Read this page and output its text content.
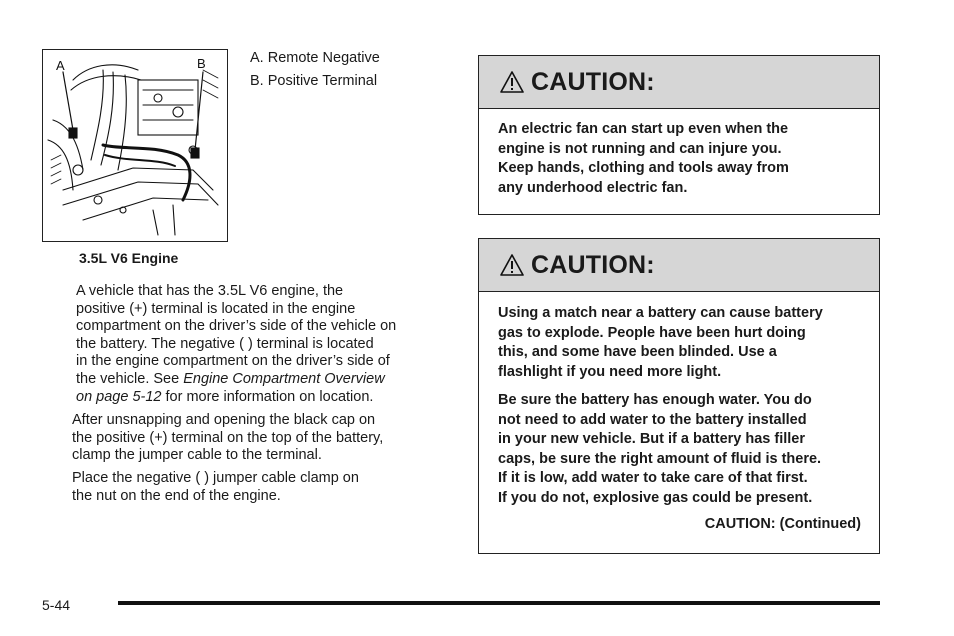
A	B	A. Remote Negative
B. Positive Terminal
3.5L V6 Engine
A vehicle that has the 3.5L V6 engine, the
positive (+) terminal is located in the engine
compartment on the driver’s side of the vehicle on
the battery. The negative ( ) terminal is located
in the engine compartment on the driver’s side of
the vehicle. See Engine Compartment Overview
on page 5-12 for more information on location.
After unsnapping and opening the black cap on
the positive (+) terminal on the top of the battery,
clamp the jumper cable to the terminal.
Place the negative ( ) jumper cable clamp on
the nut on the end of the engine.
CAUTION:
An electric fan can start up even when the
engine is not running and can injure you.
Keep hands, clothing and tools away from
any underhood electric fan.
CAUTION:
Using a match near a battery can cause battery
gas to explode. People have been hurt doing
this, and some have been blinded. Use a
flashlight if you need more light.
Be sure the battery has enough water. You do
not need to add water to the battery installed
in your new vehicle. But if a battery has filler
caps, be sure the right amount of fluid is there.
If it is low, add water to take care of that first.
If you do not, explosive gas could be present.
CAUTION: (Continued)
5-44
